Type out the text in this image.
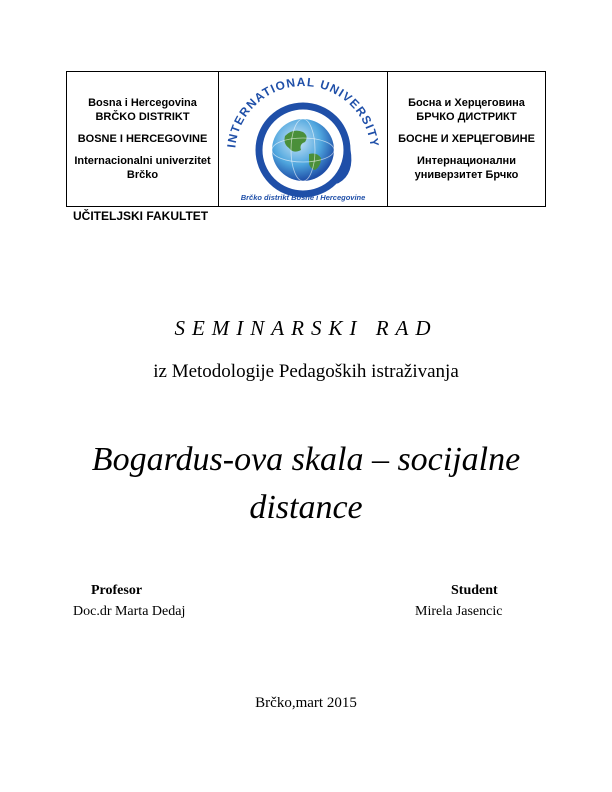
Bosna i Hercegovina BRČKO DISTRIKT

BOSNE I HERCEGOVINE

Internacionalni univerzitet Brčko

INTERNATIONAL UNIVERSITY
Brčko distrikt Bosne i Hercegovine

Босна и Херцеговина БРЧКО ДИСТРИКТ

БОСНЕ И ХЕРЦЕГОВИНЕ

Интернационални универзитет Брчко

UČITELJSKI FAKULTET
SEMINARSKI RAD
iz Metodologije Pedagoških istraživanja
Bogardus-ova skala – socijalne
distance
Profesor
Doc.dr Marta Dedaj
Student
Mirela Jasencic
Brčko,mart 2015
